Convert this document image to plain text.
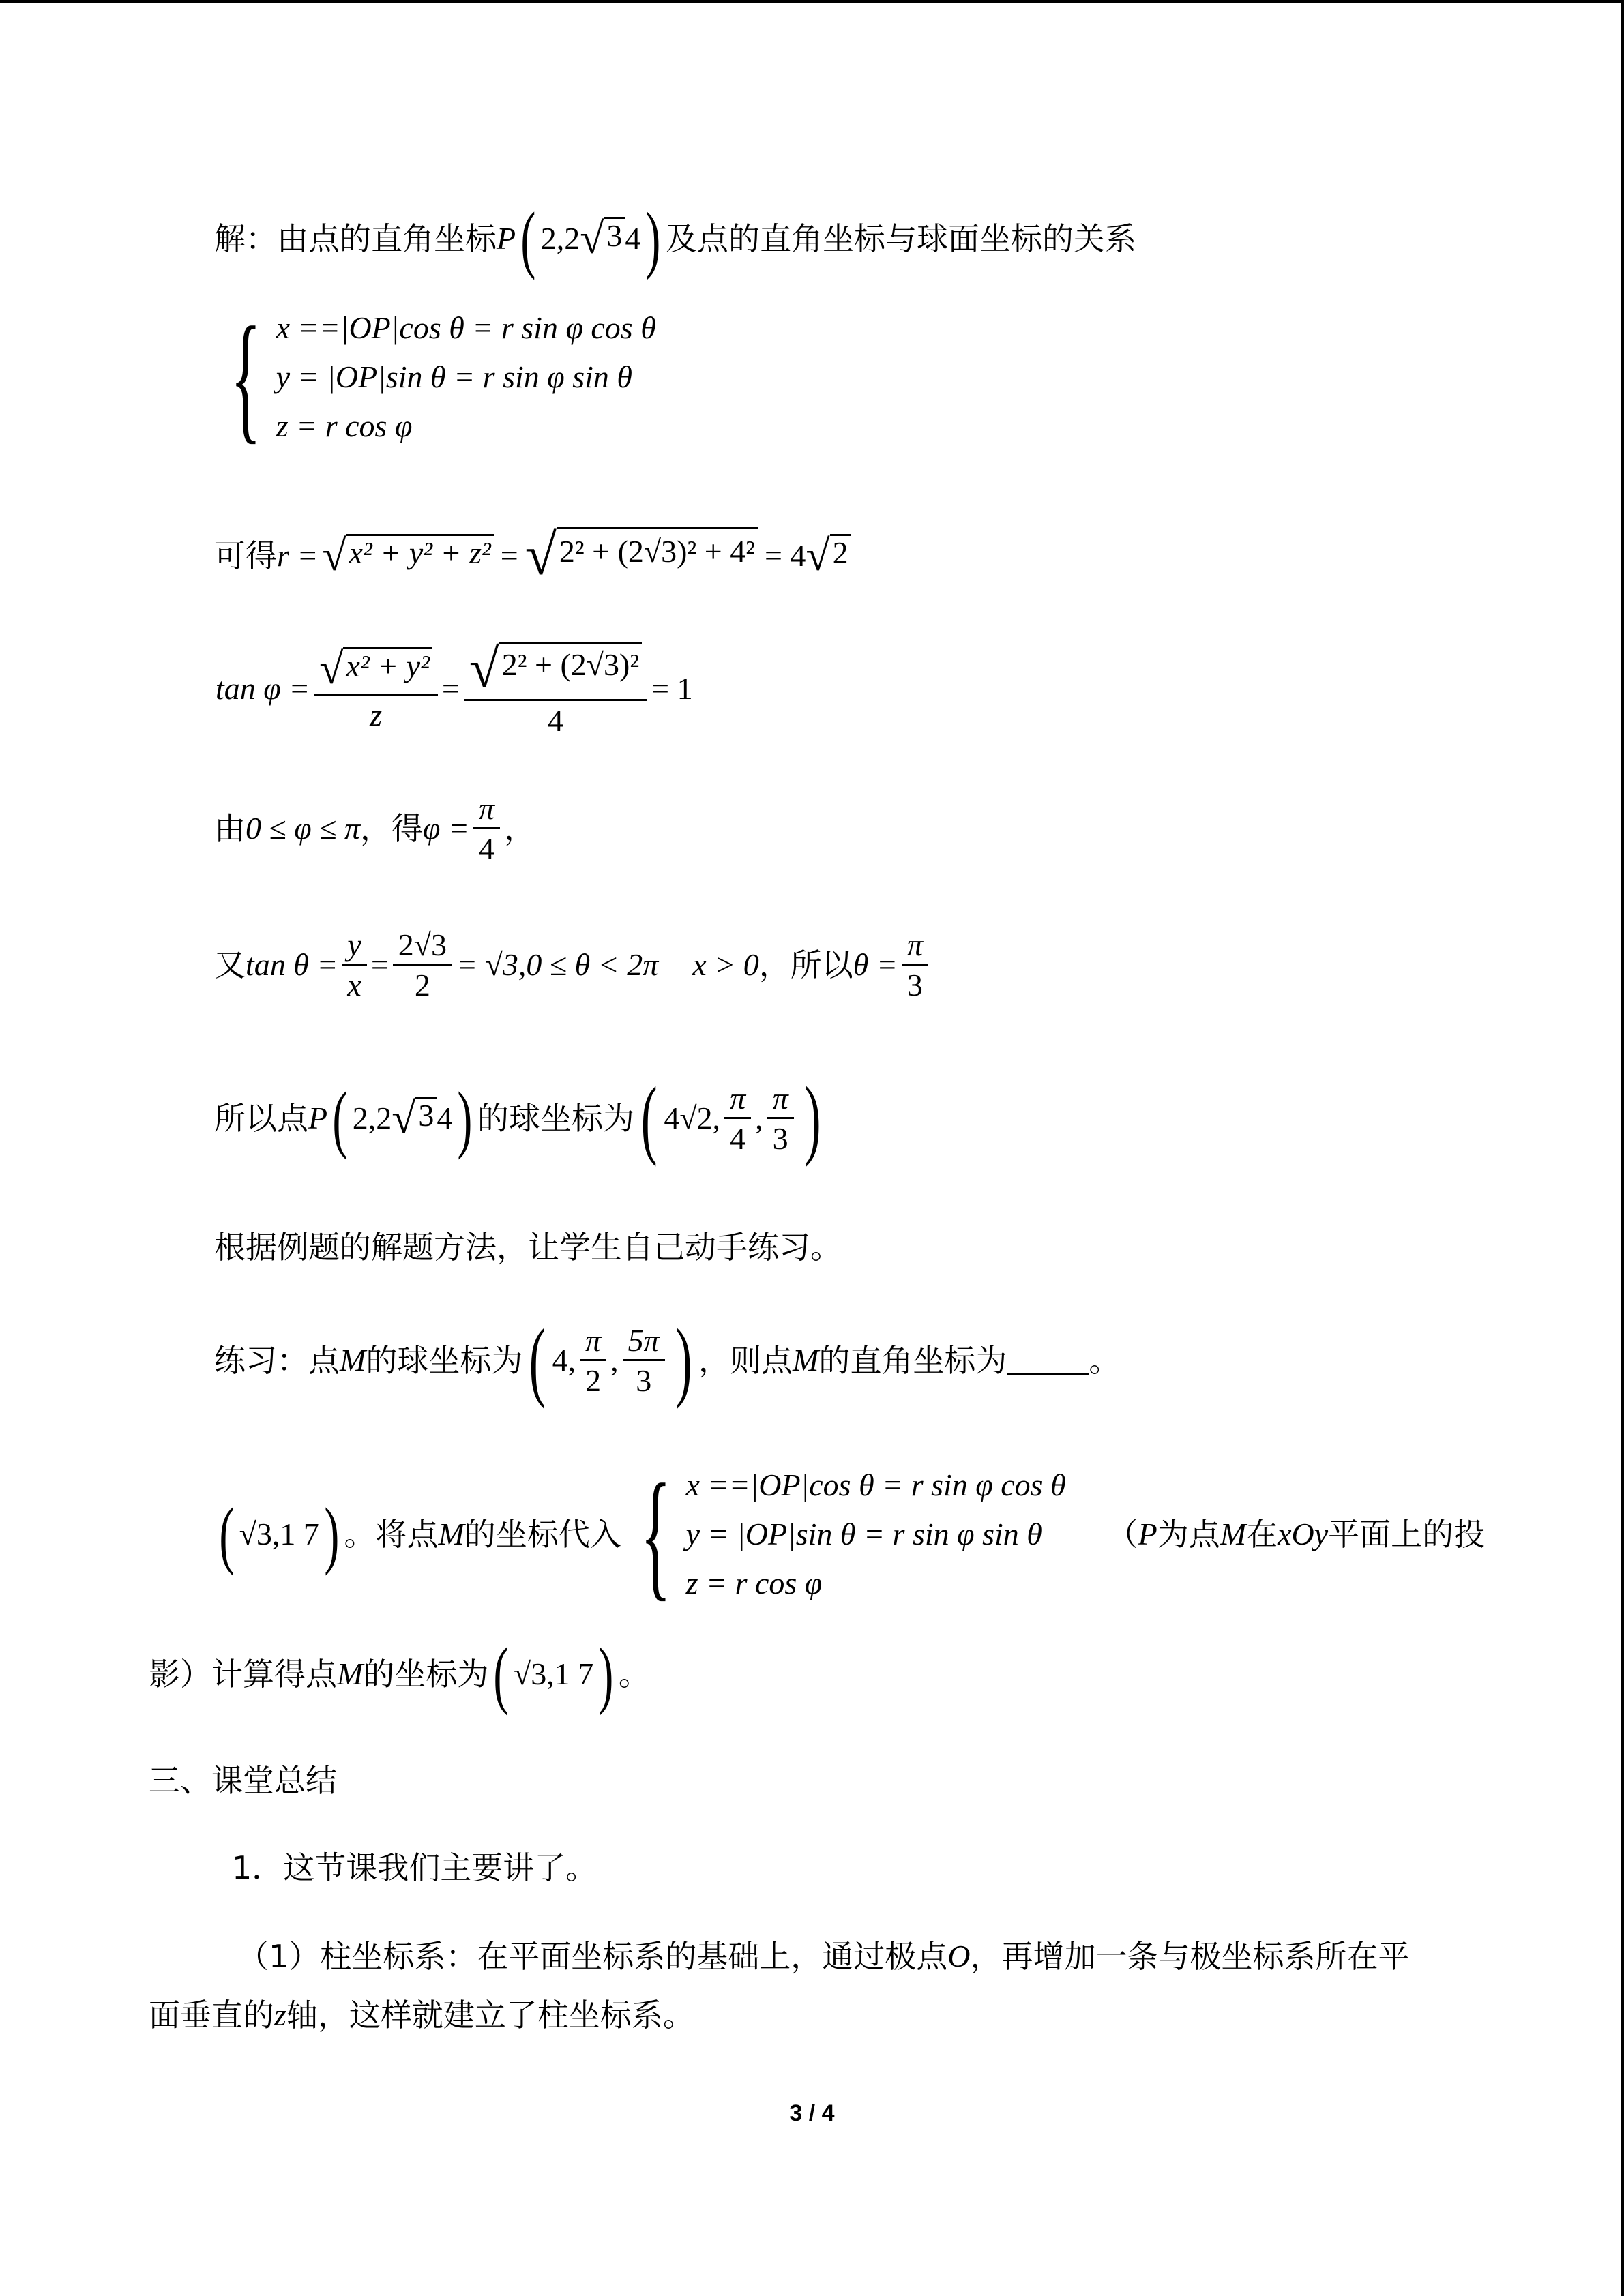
解：由点的直角坐标 P ( 2,2 √ 3 4 ) 及点的直角坐标与球面坐标的关系
{ x ==|OP|cos θ = r sin φ cos θ
y = |OP|sin θ = r sin φ sin θ
z = r cos φ
可得 r = √ x² + y² + z² = √ 2² + (2√3)² + 4² = 4 √ 2
$\tan \varphi = \frac{\text{√ x² + y²}}{z} = \frac{\text{√ 2² + (2√3)²}}{4} = 1$
由 0 ≤ φ ≤ π ，得 $\varphi = \frac{\pi}{4}$ ，
又 $\tan \theta = \frac{y}{x} = \frac{2√3}{2} = √3,0 \le \theta < 2\pi$ x > 0 ，所以 $\theta = \frac{\pi}{3}$
所以点 P ( 2,2 √ 3 4 ) 的球坐标为 ( 4√2, $\frac{\pi}{4}$ , $\frac{\pi}{3}$ )
根据例题的解题方法，让学生自己动手练习。
练习：点 M 的球坐标为 ( 4, $\frac{\pi}{2}$ , $\frac{5\pi}{3}$ ) ，则点 M 的直角坐标为	。
( √3,1 7 ) 。将点 M 的坐标代入 { x ==|OP|cos θ = r sin φ cos θ
y = |OP|sin θ = r sin φ sin θ
z = r cos φ
（ P 为点 M 在 xOy 平面上的投
影）计算得点 M 的坐标为 ( √3,1 7 ) 。
三、课堂总结
1．这节课我们主要讲了。
（1）柱坐标系：在平面坐标系的基础上，通过极点 O ，再增加一条与极坐标系所在平
面垂直的 z 轴，这样就建立了柱坐标系。
3 / 4
